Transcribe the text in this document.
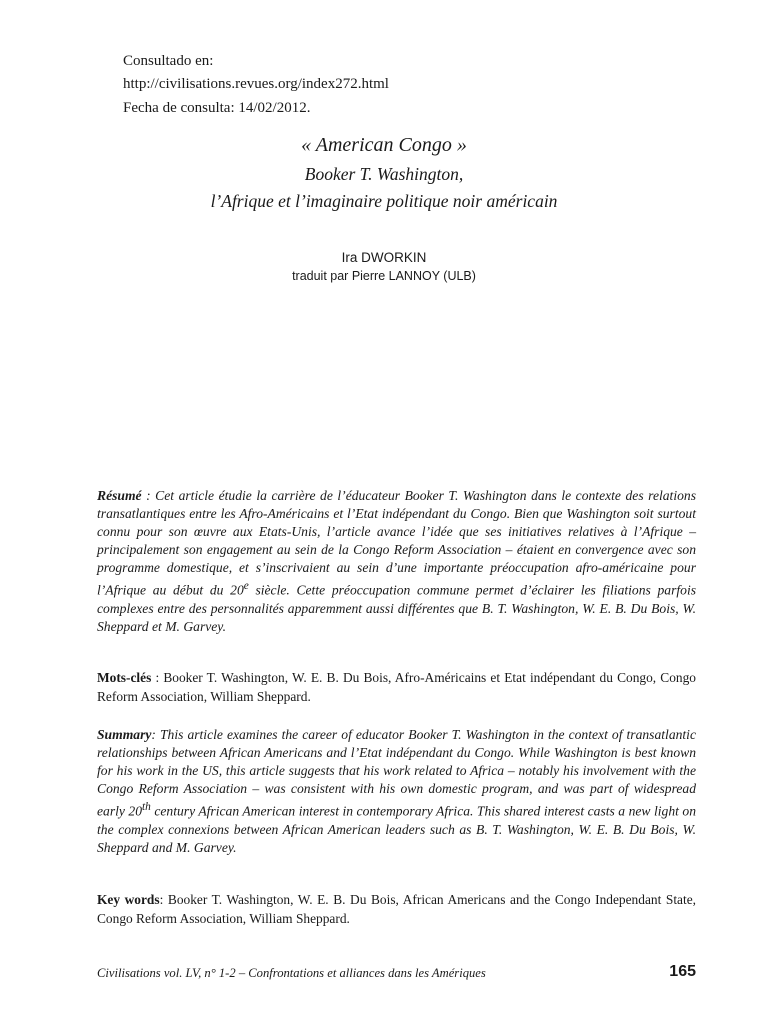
Consultado en:
http://civilisations.revues.org/index272.html
Fecha de consulta: 14/02/2012.
« American Congo »
Booker T. Washington,
l’Afrique et l’imaginaire politique noir américain
Ira DWORKIN
traduit par Pierre LANNOY (ULB)
Résumé : Cet article étudie la carrière de l’éducateur Booker T. Washington dans le contexte des relations transatlantiques entre les Afro-Américains et l’Etat indépendant du Congo. Bien que Washington soit surtout connu pour son œuvre aux Etats-Unis, l’article avance l’idée que ses initiatives relatives à l’Afrique – principalement son engagement au sein de la Congo Reform Association – étaient en convergence avec son programme domestique, et s’inscrivaient au sein d’une importante préoccupation afro-américaine pour l’Afrique au début du 20e siècle. Cette préoccupation commune permet d’éclairer les filiations parfois complexes entre des personnalités apparemment aussi différentes que B. T. Washington, W. E. B. Du Bois, W. Sheppard et M. Garvey.
Mots-clés : Booker T. Washington, W. E. B. Du Bois, Afro-Américains et Etat indépendant du Congo, Congo Reform Association, William Sheppard.
Summary: This article examines the career of educator Booker T. Washington in the context of transatlantic relationships between African Americans and l’Etat indépendant du Congo. While Washington is best known for his work in the US, this article suggests that his work related to Africa – notably his involvement with the Congo Reform Association – was consistent with his own domestic program, and was part of widespread early 20th century African American interest in contemporary Africa. This shared interest casts a new light on the complex connexions between African American leaders such as B. T. Washington, W. E. B. Du Bois, W. Sheppard and M. Garvey.
Key words: Booker T. Washington, W. E. B. Du Bois, African Americans and the Congo Independant State, Congo Reform Association, William Sheppard.
Civilisations vol. LV, n° 1-2 – Confrontations et alliances dans les Amériques	165
